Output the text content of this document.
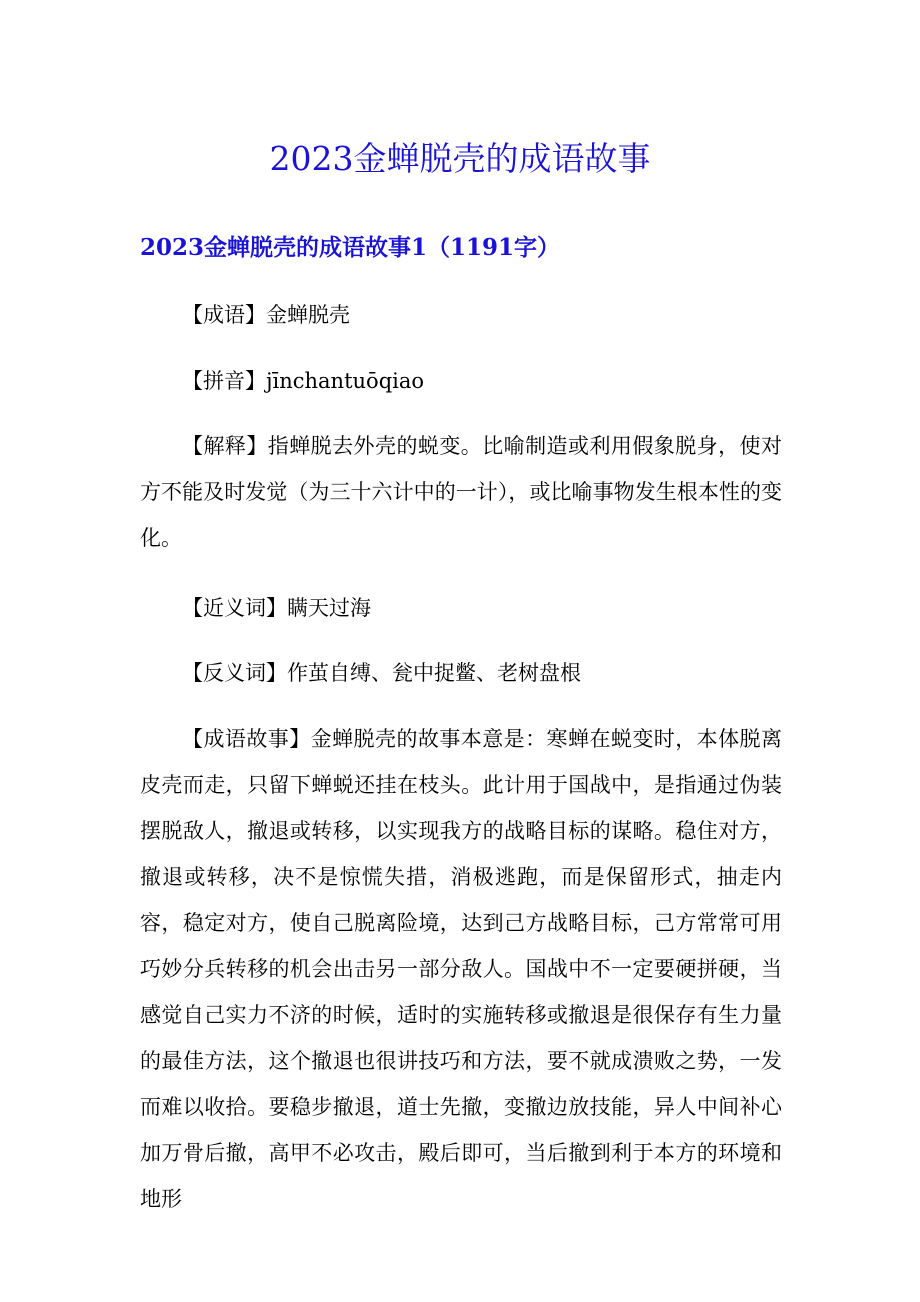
2023金蝉脱壳的成语故事
2023金蝉脱壳的成语故事1（1191字）

【成语】金蝉脱壳

【拼音】jīnchantuōqiao

【解释】指蝉脱去外壳的蜕变。比喻制造或利用假象脱身，使对方不能及时发觉（为三十六计中的一计），或比喻事物发生根本性的变化。

【近义词】瞒天过海

【反义词】作茧自缚、瓮中捉鳖、老树盘根

【成语故事】金蝉脱壳的故事本意是：寒蝉在蜕变时，本体脱离皮壳而走，只留下蝉蜕还挂在枝头。此计用于国战中，是指通过伪装摆脱敌人，撤退或转移，以实现我方的战略目标的谋略。稳住对方，撤退或转移，决不是惊慌失措，消极逃跑，而是保留形式，抽走内容，稳定对方，使自己脱离险境，达到己方战略目标，己方常常可用巧妙分兵转移的机会出击另一部分敌人。国战中不一定要硬拼硬，当感觉自己实力不济的时候，适时的实施转移或撤退是很保存有生力量的最佳方法，这个撤退也很讲技巧和方法，要不就成溃败之势，一发而难以收拾。要稳步撤退，道士先撤，变撤边放技能，异人中间补心加万骨后撤，高甲不必攻击，殿后即可，当后撤到利于本方的环境和地形
